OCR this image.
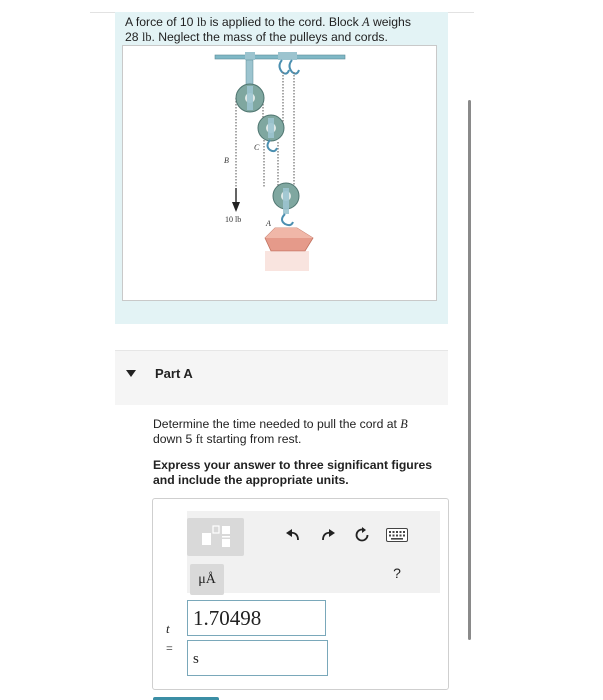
A force of 10 lb is applied to the cord. Block A weighs
28 lb. Neglect the mass of the pulleys and cords.
B
C
A
10 lb
Part A
Determine the time needed to pull the cord at B
down 5 ft starting from rest.
Express your answer to three significant figures and include the appropriate units.
μÅ	?
t
=
1.70498
s
